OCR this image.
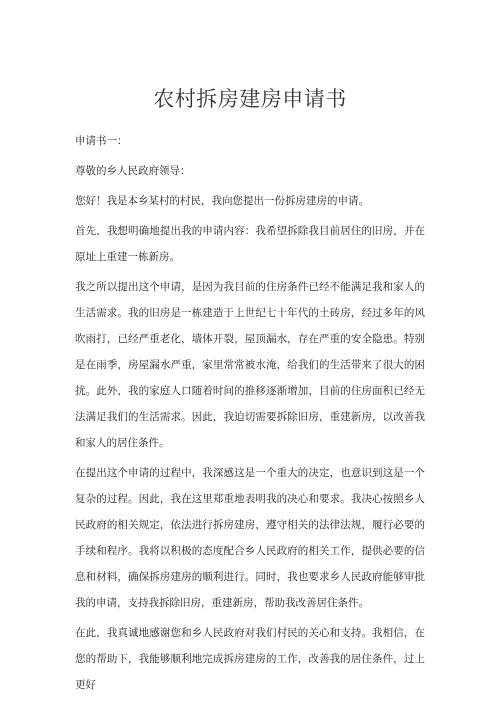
农村拆房建房申请书

申请书一：

尊敬的乡人民政府领导：

您好！我是本乡某村的村民，我向您提出一份拆房建房的申请。

首先，我想明确地提出我的申请内容：我希望拆除我目前居住的旧房，并在原址上重建一栋新房。

我之所以提出这个申请，是因为我目前的住房条件已经不能满足我和家人的生活需求。我的旧房是一栋建造于上世纪七十年代的土砖房，经过多年的风吹雨打，已经严重老化，墙体开裂，屋顶漏水，存在严重的安全隐患。特别是在雨季，房屋漏水严重，家里常常被水淹，给我们的生活带来了很大的困扰。此外，我的家庭人口随着时间的推移逐渐增加，目前的住房面积已经无法满足我们的生活需求。因此，我迫切需要拆除旧房，重建新房，以改善我和家人的居住条件。

在提出这个申请的过程中，我深感这是一个重大的决定，也意识到这是一个复杂的过程。因此，我在这里郑重地表明我的决心和要求。我决心按照乡人民政府的相关规定，依法进行拆房建房，遵守相关的法律法规，履行必要的手续和程序。我将以积极的态度配合乡人民政府的相关工作，提供必要的信息和材料，确保拆房建房的顺利进行。同时，我也要求乡人民政府能够审批我的申请，支持我拆除旧房，重建新房，帮助我改善居住条件。

在此，我真诚地感谢您和乡人民政府对我们村民的关心和支持。我相信，在您的帮助下，我能够顺利地完成拆房建房的工作，改善我的居住条件，过上更好
